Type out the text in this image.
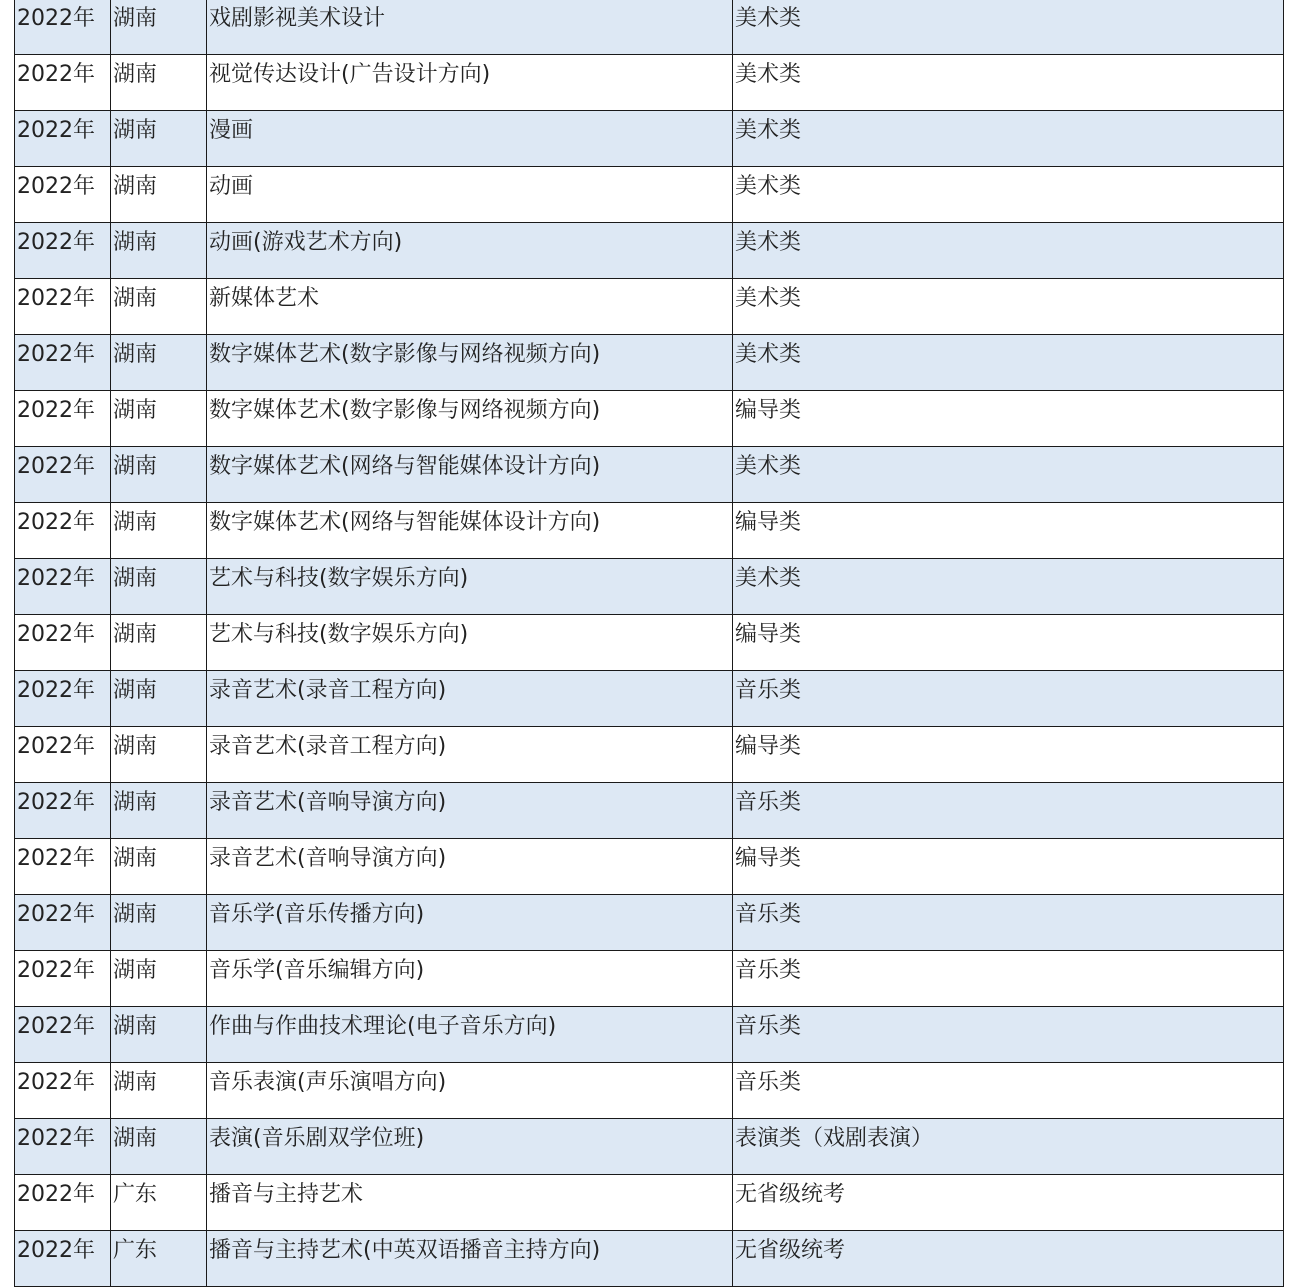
2022年	湖南	戏剧影视美术设计	美术类
2022年	湖南	视觉传达设计(广告设计方向)	美术类
2022年	湖南	漫画	美术类
2022年	湖南	动画	美术类
2022年	湖南	动画(游戏艺术方向)	美术类
2022年	湖南	新媒体艺术	美术类
2022年	湖南	数字媒体艺术(数字影像与网络视频方向)	美术类
2022年	湖南	数字媒体艺术(数字影像与网络视频方向)	编导类
2022年	湖南	数字媒体艺术(网络与智能媒体设计方向)	美术类
2022年	湖南	数字媒体艺术(网络与智能媒体设计方向)	编导类
2022年	湖南	艺术与科技(数字娱乐方向)	美术类
2022年	湖南	艺术与科技(数字娱乐方向)	编导类
2022年	湖南	录音艺术(录音工程方向)	音乐类
2022年	湖南	录音艺术(录音工程方向)	编导类
2022年	湖南	录音艺术(音响导演方向)	音乐类
2022年	湖南	录音艺术(音响导演方向)	编导类
2022年	湖南	音乐学(音乐传播方向)	音乐类
2022年	湖南	音乐学(音乐编辑方向)	音乐类
2022年	湖南	作曲与作曲技术理论(电子音乐方向)	音乐类
2022年	湖南	音乐表演(声乐演唱方向)	音乐类
2022年	湖南	表演(音乐剧双学位班)	表演类（戏剧表演）
2022年	广东	播音与主持艺术	无省级统考
2022年	广东	播音与主持艺术(中英双语播音主持方向)	无省级统考
